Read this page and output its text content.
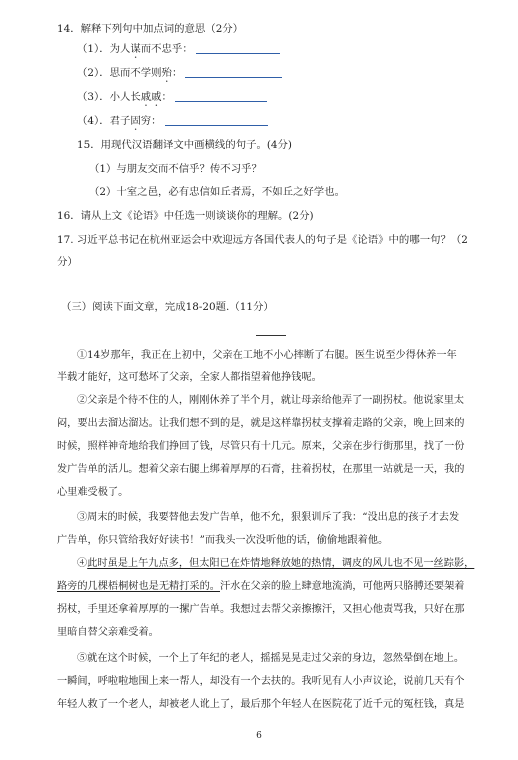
14．解释下列句中加点词的意思（2分）
（1）．为人谋而不忠乎：
（2）．思而不学则殆：
（3）．小人长戚戚：
（4）．君子固穷：
15．用现代汉语翻译文中画横线的句子。(4分)
（1）与朋友交而不信乎？传不习乎？
（2）十室之邑，必有忠信如丘者焉，不如丘之好学也。
16．请从上文《论语》中任选一则谈谈你的理解。(2分)
17. 习近平总书记在杭州亚运会中欢迎远方各国代表人的句子是《论语》中的哪一句？（2
分）
（三）阅读下面文章，完成18-20题.（11分）
①14岁那年，我正在上初中，父亲在工地不小心摔断了右腿。医生说至少得休养一年
半载才能好，这可愁坏了父亲，全家人都指望着他挣钱呢。
②父亲是个待不住的人，刚刚休养了半个月，就让母亲给他弄了一副拐杖。他说家里太
闷，要出去溜达溜达。让我们想不到的是，就是这样靠拐杖支撑着走路的父亲，晚上回来的
时候，照样神奇地给我们挣回了钱，尽管只有十几元。原来，父亲在步行街那里，找了一份
发广告单的活儿。想着父亲右腿上绑着厚厚的石膏，拄着拐杖，在那里一站就是一天，我的
心里难受极了。
③周末的时候，我要替他去发广告单，他不允，狠狠训斥了我：“没出息的孩子才去发
广告单，你只管给我好好读书！”而我头一次没听他的话，偷偷地跟着他。
④此时虽是上午九点多，但太阳已在炸情地释放她的热情，调皮的风儿也不见一丝踪影，
路旁的几棵梧桐树也是无精打采的。汗水在父亲的脸上肆意地流淌，可他两只胳膊还要架着
拐杖，手里还拿着厚厚的一摞广告单。我想过去帮父亲擦擦汗，又担心他责骂我，只好在那
里暗自替父亲难受着。
⑤就在这个时候，一个上了年纪的老人，摇摇晃晃走过父亲的身边，忽然晕倒在地上。
一瞬间，呼啦啦地围上来一帮人，却没有一个去扶的。我听见有人小声议论，说前几天有个
年轻人救了一个老人，却被老人讹上了，最后那个年轻人在医院花了近千元的冤枉钱，真是
6
